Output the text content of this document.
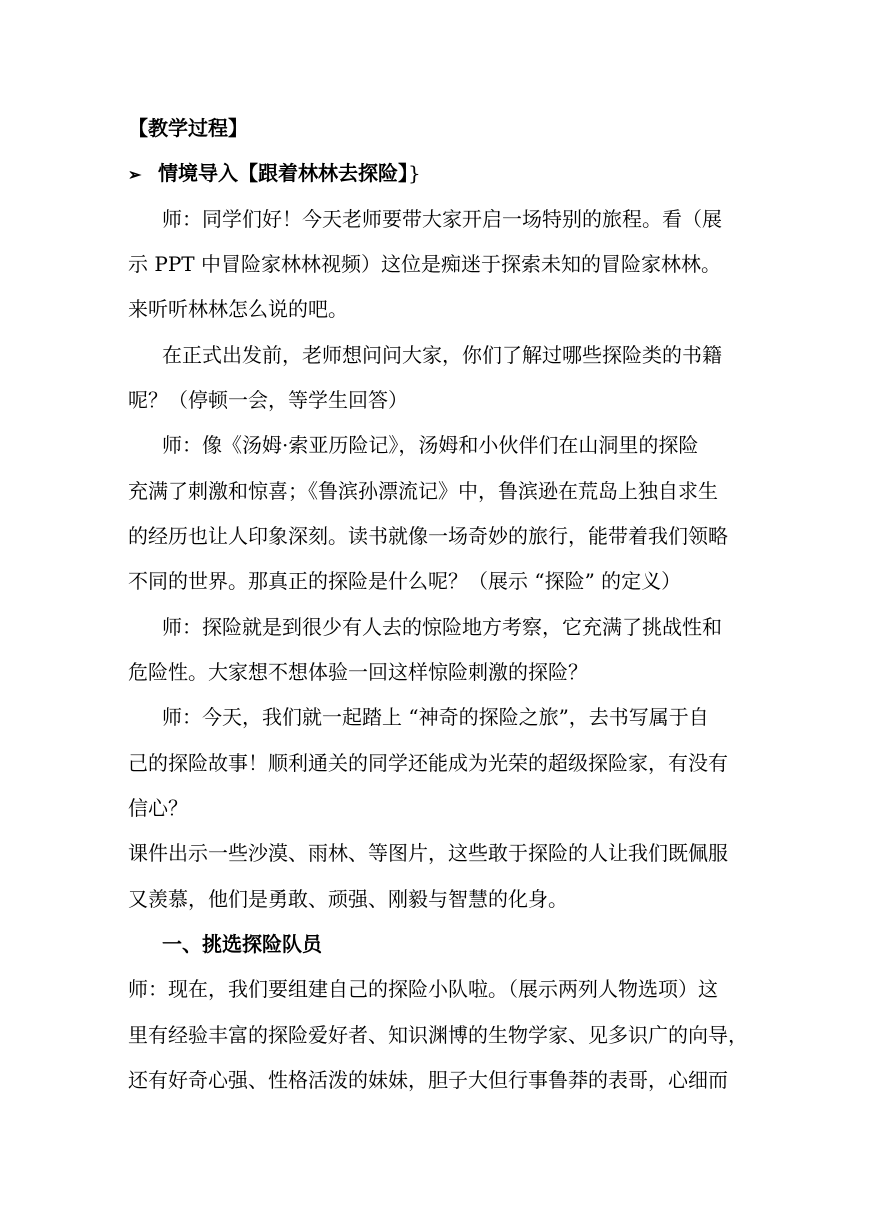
【教学过程】
➢ 情境导入【跟着林林去探险】}
师：同学们好！今天老师要带大家开启一场特别的旅程。看（展
示 PPT 中冒险家林林视频）这位是痴迷于探索未知的冒险家林林。
来听听林林怎么说的吧。
在正式出发前，老师想问问大家，你们了解过哪些探险类的书籍
呢？（停顿一会，等学生回答）
师：像《汤姆·索亚历险记》，汤姆和小伙伴们在山洞里的探险
充满了刺激和惊喜；《鲁滨孙漂流记》中，鲁滨逊在荒岛上独自求生
的经历也让人印象深刻。读书就像一场奇妙的旅行，能带着我们领略
不同的世界。那真正的探险是什么呢？（展示 “探险” 的定义）
师：探险就是到很少有人去的惊险地方考察，它充满了挑战性和
危险性。大家想不想体验一回这样惊险刺激的探险？
师：今天，我们就一起踏上 “神奇的探险之旅”，去书写属于自
己的探险故事！顺利通关的同学还能成为光荣的超级探险家，有没有
信心？
课件出示一些沙漠、雨林、等图片，这些敢于探险的人让我们既佩服
又羡慕，他们是勇敢、顽强、刚毅与智慧的化身。
一、挑选探险队员
师：现在，我们要组建自己的探险小队啦。（展示两列人物选项）这
里有经验丰富的探险爱好者、知识渊博的生物学家、见多识广的向导，
还有好奇心强、性格活泼的妹妹，胆子大但行事鲁莽的表哥，心细而
